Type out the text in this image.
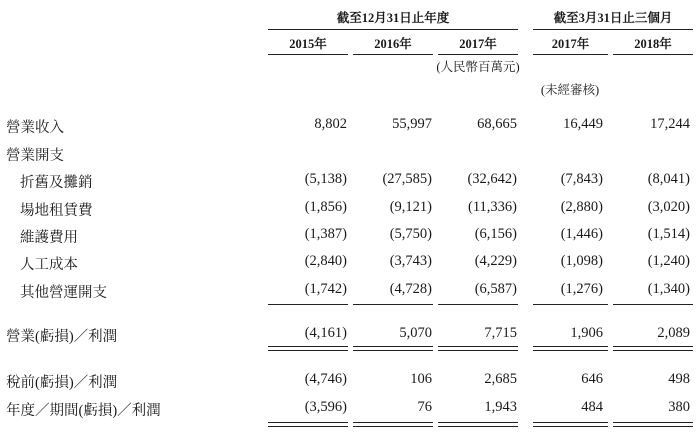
截至12月31日止年度	截至3月31日止三個月
2015年	2016年	2017年	2017年	2018年
(人民幣百萬元)
(未經審核)
營業收入	8,802	55,997	68,665	16,449	17,244
營業開支
折舊及攤銷	(5,138)	(27,585)	(32,642)	(7,843)	(8,041)
場地租賃費	(1,856)	(9,121)	(11,336)	(2,880)	(3,020)
維護費用	(1,387)	(5,750)	(6,156)	(1,446)	(1,514)
人工成本	(2,840)	(3,743)	(4,229)	(1,098)	(1,240)
其他營運開支	(1,742)	(4,728)	(6,587)	(1,276)	(1,340)
營業(虧損)／利潤	(4,161)	5,070	7,715	1,906	2,089
稅前(虧損)／利潤	(4,746)	106	2,685	646	498
年度／期間(虧損)／利潤	(3,596)	76	1,943	484	380
